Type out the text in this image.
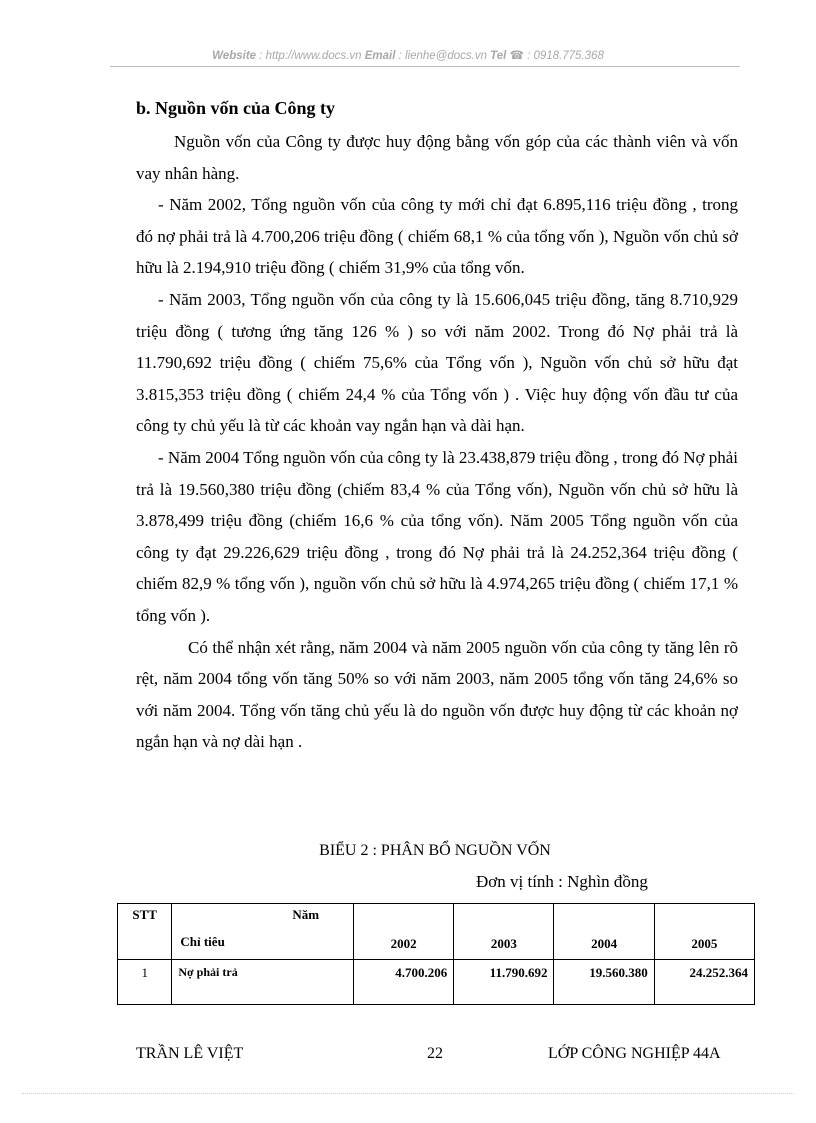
Website : http://www.docs.vn Email : lienhe@docs.vn Tel ☎ : 0918.775.368
b. Nguồn vốn của Công ty

Nguồn vốn của Công ty được huy động bằng vốn góp của các thành viên và vốn vay nhân hàng.

- Năm 2002, Tổng nguồn vốn của công ty mới chỉ đạt 6.895,116 triệu đồng , trong đó nợ phải trả là 4.700,206 triệu đồng ( chiếm 68,1 % của tổng vốn ), Nguồn vốn chủ sở hữu là 2.194,910 triệu đồng ( chiếm 31,9% của tổng vốn.

- Năm 2003, Tổng nguồn vốn của công ty là 15.606,045 triệu đồng, tăng 8.710,929 triệu đồng ( tương ứng tăng 126 % ) so với năm 2002. Trong đó Nợ phải trả là 11.790,692 triệu đồng ( chiếm 75,6% của Tổng vốn ), Nguồn vốn chủ sở hữu đạt 3.815,353 triệu đồng ( chiếm 24,4 % của Tổng vốn ) . Việc huy động vốn đầu tư của công ty chủ yếu là từ các khoản vay ngắn hạn và dài hạn.

- Năm 2004 Tổng nguồn vốn của công ty là 23.438,879 triệu đồng , trong đó Nợ phải trả là 19.560,380 triệu đồng (chiếm 83,4 % của Tổng vốn), Nguồn vốn chủ sở hữu là 3.878,499 triệu đồng (chiếm 16,6 % của tổng vốn). Năm 2005 Tổng nguồn vốn của công ty đạt 29.226,629 triệu đồng , trong đó Nợ phải trả là 24.252,364 triệu đồng ( chiếm 82,9 % tổng vốn ), nguồn vốn chủ sở hữu là 4.974,265 triệu đồng ( chiếm 17,1 % tổng vốn ).

Có thể nhận xét rằng, năm 2004 và năm 2005 nguồn vốn của công ty tăng lên rõ rệt, năm 2004 tổng vốn tăng 50% so với năm 2003, năm 2005 tổng vốn tăng 24,6% so với năm 2004. Tổng vốn tăng chủ yếu là do nguồn vốn được huy động từ các khoản nợ ngắn hạn và nợ dài hạn .

BIỂU 2 : PHÂN BỔ NGUỒN VỐN
Đơn vị tính : Nghìn đồng
STT	Năm
Chỉ tiêu	2002	2003	2004	2005
1	Nợ phải trả	4.700.206	11.790.692	19.560.380	24.252.364
TRẦN LÊ VIỆT	22	LỚP CÔNG NGHIỆP 44A
